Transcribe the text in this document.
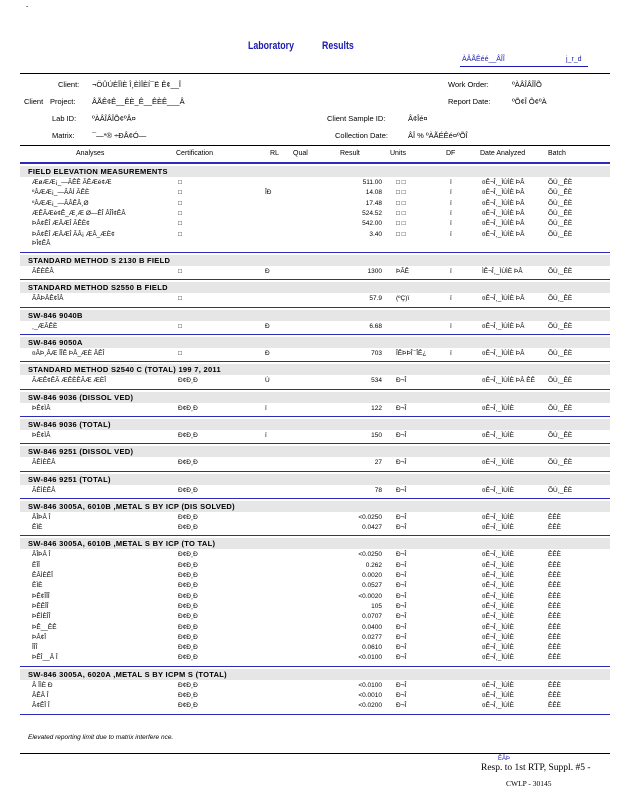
-
Laboratory	Results
ÀÂÃÊéé__ÂÎÎ	j_r_d
Client: ¬ÖÛÚÈÎÌÈ Î¸ÈÌÎÈÍ¯Ë Ê¢__Î	Work Order:	ºÀÂÎÂÎÎÕ
Client Project: ÂÃÊ¢Ê__ÊÈ_Ê__ÊÈÊ___Â	Report Date:	ºÕ¢Î Ô¢ºÀ
Lab ID: ºÀÂÎÂÎÕ¢ºÂ¤	Client Sample ID:	Â¢Îé¤
Matrix: ¯—*® ÷ÐÂ¢Ó—	Collection Date:	ÂÎ % ºÀÃÉÊé¤ºÕÎ
Analyses	Certification	RL Qual	Result	Units	DF	Date Analyzed	Batch
FIELD ELEVATION MEASUREMENTS
ÆøÆÆ¡_—ÃÊÊ ÃÊÆé¢Æ	□	511.00 □ □	ï	¤Ê¬Î¸_ÌÙÌÈ ÞÂ	ÕÙ¸_ÊÈ
ºÂÆÆ¡_—ÃÂÍ ÃÊÈ	□	ÎÐ	14.08 □ □	ï	¤Ê¬Î¸_ÌÙÌÈ ÞÂ	ÕÙ¸_ÊÈ
ºÂÆÆ¡_—ÃÂÊÂ¸Ø	□	17.48 □ □	ï	¤Ê¬Î¸_ÌÙÌÈ ÞÂ	ÕÙ¸_ÊÈ
ÆÊÃÆé¢Ê_Æ¸Æ Ø—ÊÎ ÂÎÎ¢ÊÂ	□	524.52 □ □	ï	¤Ê¬Î¸_ÌÙÌÈ ÞÂ	ÕÙ¸_ÊÈ
ÞÂ¢ÊÎ ÆÂÆÎ ÃÊÈ¢	□	542.00 □ □	ï	¤Ê¬Î¸_ÌÙÌÈ ÞÂ	ÕÙ¸_ÊÈ
ÞÂ¢ÊÎ ÆÂÆÎ ÃÂ¡ ÆÂ_ÆÈ¢	□	3.40 □ □	ï	¤Ê¬Î¸_ÌÙÌÈ ÞÂ	ÕÙ¸_ÊÈ
ÞÎ¢ÊÂ
STANDARD METHOD S 2130 B FIELD
ÃÊÈÊÂ	□	Ð	1300 ÞÃÊ	ï	ÌÊ¬Î¸_ÌÙÌÈ ÞÂ	ÕÙ¸_ÊÈ
STANDARD METHOD S2550 B FIELD
ÃÂÞÂÊ¢ÎÂ	□	57.9 (ºÇ)ï	ï	¤Ê¬Î¸_ÌÙÌÈ ÞÂ	ÕÙ¸_ÊÈ
SW-846 9040B
¸_ÆÃÊÈ	□	Ð	6.68	ï	¤Ê¬Î¸_ÌÙÌÈ ÞÂ	ÕÙ¸_ÊÈ
SW-846 9050A
¤ÂÞ¸ÂÆ ÎÎÊ ÞÂ_ÆÈ ÂÊÎ	□	Ð	703 ÎÊÞÞÎ¯ÎÊ¿	ï	¤Ê¬Î¸_ÌÙÌÈ ÞÂ	ÕÙ¸_ÊÈ
STANDARD METHOD S2540 C (TOTAL) 199 7, 2011
ÃÆÊ¢ÊÃ ÆÊÈÊÃÆ ÆÈÎ	Ð¢Ð¸Ð	Ù	534 Ð¬Î	¤Ê¬Î¸_ÌÙÌÈ ÞÂ ÊÊ ÕÙ¸_ÊÈ
SW-846 9036 (DISSOL VED)
ÞÊ¢ÌÂ	Ð¢Ð¸Ð	ï	122 Ð¬Î	¤Ê¬Î¸_ÌÙÌÈ	ÕÙ¸_ÊÈ
SW-846 9036 (TOTAL)
ÞÊ¢ÌÂ	Ð¢Ð¸Ð	ï	150 Ð¬Î	¤Ê¬Î¸_ÌÙÌÈ	ÕÙ¸_ÊÈ
SW-846 9251 (DISSOL VED)
ÃÊÌÈÊÂ	Ð¢Ð¸Ð	27 Ð¬Î	¤Ê¬Î¸_ÌÙÌÈ	ÕÙ¸_ÊÈ
SW-846 9251 (TOTAL)
ÃÊÌÈÊÂ	Ð¢Ð¸Ð	78 Ð¬Î	¤Ê¬Î¸_ÌÙÌÈ	ÕÙ¸_ÊÈ
SW-846 3005A, 6010B ,METAL S BY ICP (DIS SOLVED)
ÂÎÞÂ Î	Ð¢Ð¸Ð	<0.0250 Ð¬Î	¤Ê¬Î¸_ÌÙÌÈ	ÊÊÈ
ÊÌÈ	Ð¢Ð¸Ð	0.0427 Ð¬Î	¤Ê¬Î¸_ÌÙÌÈ	ÊÊÈ
SW-846 3005A, 6010B ,METAL S BY ICP (TO TAL)
ÂÎÞÂ Î	Ð¢Ð¸Ð	<0.0250 Ð¬Î	¤Ê¬Î¸_ÌÙÌÈ	ÊÊÈ
ÊÎÎ	Ð¢Ð¸Ð	0.262 Ð¬Î	¤Ê¬Î¸_ÌÙÌÈ	ÊÊÈ
ÊÂÌÈÊÎ	Ð¢Ð¸Ð	0.0020 Ð¬Î	¤Ê¬Î¸_ÌÙÌÈ	ÊÊÈ
ÊÌÈ	Ð¢Ð¸Ð	0.0527 Ð¬Î	¤Ê¬Î¸_ÌÙÌÈ	ÊÊÈ
ÞÊ¢ÎÎÎ	Ð¢Ð¸Ð	<0.0020 Ð¬Î	¤Ê¬Î¸_ÌÙÌÈ	ÊÊÈ
ÞÊÊÎÎ	Ð¢Ð¸Ð	105 Ð¬Î	¤Ê¬Î¸_ÌÙÌÈ	ÊÊÈ
ÞÊÌÈÎÎ	Ð¢Ð¸Ð	0.0707 Ð¬Î	¤Ê¬Î¸_ÌÙÌÈ	ÊÊÈ
ÞÊ__ÊÊ	Ð¢Ð¸Ð	0.0400 Ð¬Î	¤Ê¬Î¸_ÌÙÌÈ	ÊÊÈ
ÞÂ¢Î	Ð¢Ð¸Ð	0.0277 Ð¬Î	¤Ê¬Î¸_ÌÙÌÈ	ÊÊÈ
ÎÎÎ	Ð¢Ð¸Ð	0.0610 Ð¬Î	¤Ê¬Î¸_ÌÙÌÈ	ÊÊÈ
ÞÊÎ__Â Î	Ð¢Ð¸Ð	<0.0100 Ð¬Î	¤Ê¬Î¸_ÌÙÌÈ	ÊÊÈ
SW-846 3005A, 6020A ,METAL S BY ICPM S (TOTAL)
Â ÎÌÈ Ð	Ð¢Ð¸Ð	<0.0100 Ð¬Î	¤Ê¬Î¸_ÌÙÌÈ	ÊÊÈ
ÂÊÂ Î	Ð¢Ð¸Ð	<0.0010 Ð¬Î	¤Ê¬Î¸_ÌÙÌÈ	ÊÊÈ
Â¢ÊÎ Î	Ð¢Ð¸Ð	<0.0200 Ð¬Î	¤Ê¬Î¸_ÌÙÌÈ	ÊÊÈ
Elevated reporting limit due to matrix interfere nce.
ÊÂÞ
Resp. to 1st RTP, Suppl. #5 -
CWLP - 30145
